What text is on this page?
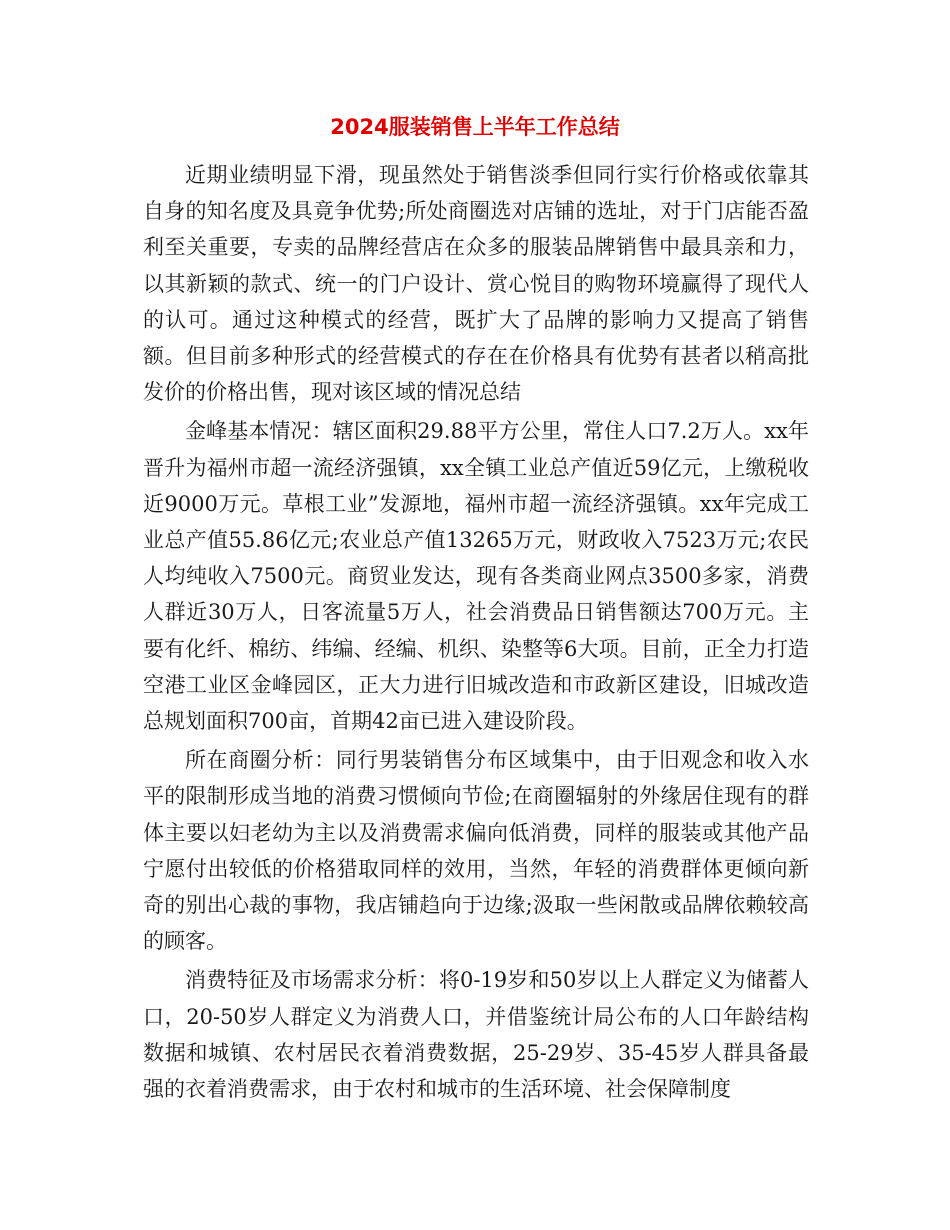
2024服装销售上半年工作总结

近期业绩明显下滑，现虽然处于销售淡季但同行实行价格或依靠其自身的知名度及具竟争优势;所处商圈选对店铺的选址，对于门店能否盈利至关重要，专卖的品牌经营店在众多的服装品牌销售中最具亲和力，以其新颖的款式、统一的门户设计、赏心悦目的购物环境赢得了现代人的认可。通过这种模式的经营，既扩大了品牌的影响力又提高了销售额。但目前多种形式的经营模式的存在在价格具有优势有甚者以稍高批发价的价格出售，现对该区域的情况总结

金峰基本情况：辖区面积29.88平方公里，常住人口7.2万人。xx年晋升为福州市超一流经济强镇，xx全镇工业总产值近59亿元，上缴税收近9000万元。草根工业”发源地，福州市超一流经济强镇。xx年完成工业总产值55.86亿元;农业总产值13265万元，财政收入7523万元;农民人均纯收入7500元。商贸业发达，现有各类商业网点3500多家，消费人群近30万人，日客流量5万人，社会消费品日销售额达700万元。主要有化纤、棉纺、纬编、经编、机织、染整等6大项。目前，正全力打造空港工业区金峰园区，正大力进行旧城改造和市政新区建设，旧城改造总规划面积700亩，首期42亩已进入建设阶段。

所在商圈分析：同行男装销售分布区域集中，由于旧观念和收入水平的限制形成当地的消费习惯倾向节俭;在商圈辐射的外缘居住现有的群体主要以妇老幼为主以及消费需求偏向低消费，同样的服装或其他产品宁愿付出较低的价格猎取同样的效用，当然，年轻的消费群体更倾向新奇的别出心裁的事物，我店铺趋向于边缘;汲取一些闲散或品牌依赖较高的顾客。

消费特征及市场需求分析：将0-19岁和50岁以上人群定义为储蓄人口，20-50岁人群定义为消费人口，并借鉴统计局公布的人口年龄结构数据和城镇、农村居民衣着消费数据，25-29岁、35-45岁人群具备最强的衣着消费需求，由于农村和城市的生活环境、社会保障制度
